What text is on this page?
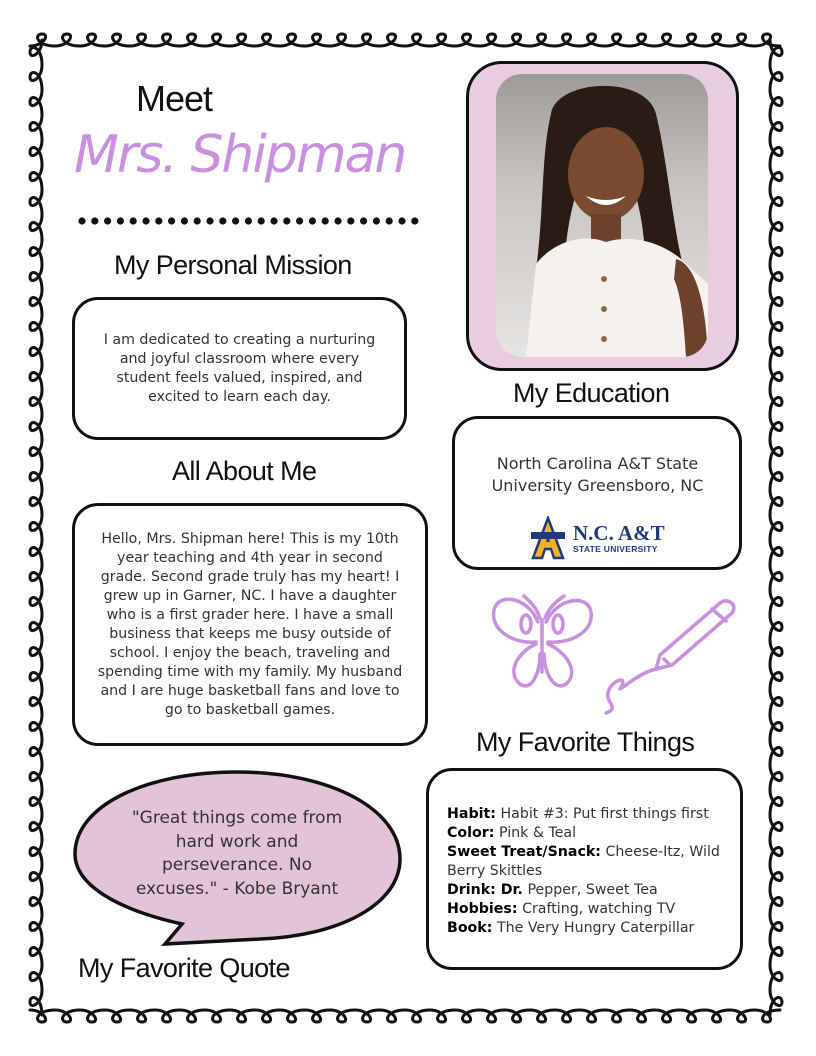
Meet
Mrs. Shipman
My Personal Mission
I am dedicated to creating a nurturing and joyful classroom where every student feels valued, inspired, and excited to learn each day.
All About Me
Hello, Mrs. Shipman here! This is my 10th year teaching and 4th year in second grade. Second grade truly has my heart! I grew up in Garner, NC. I have a daughter who is a first grader here. I have a small business that keeps me busy outside of school. I enjoy the beach, traveling and spending time with my family. My husband and I are huge basketball fans and love to go to basketball games.
"Great things come from hard work and perseverance. No excuses." - Kobe Bryant
My Favorite Quote
My Education
North Carolina A&T State University Greensboro, NC
N.C. A&T
STATE UNIVERSITY
My Favorite Things
Habit: Habit #3: Put first things first
Color: Pink & Teal
Sweet Treat/Snack: Cheese-Itz, Wild Berry Skittles
Drink: Dr. Pepper, Sweet Tea
Hobbies: Crafting, watching TV
Book: The Very Hungry Caterpillar
